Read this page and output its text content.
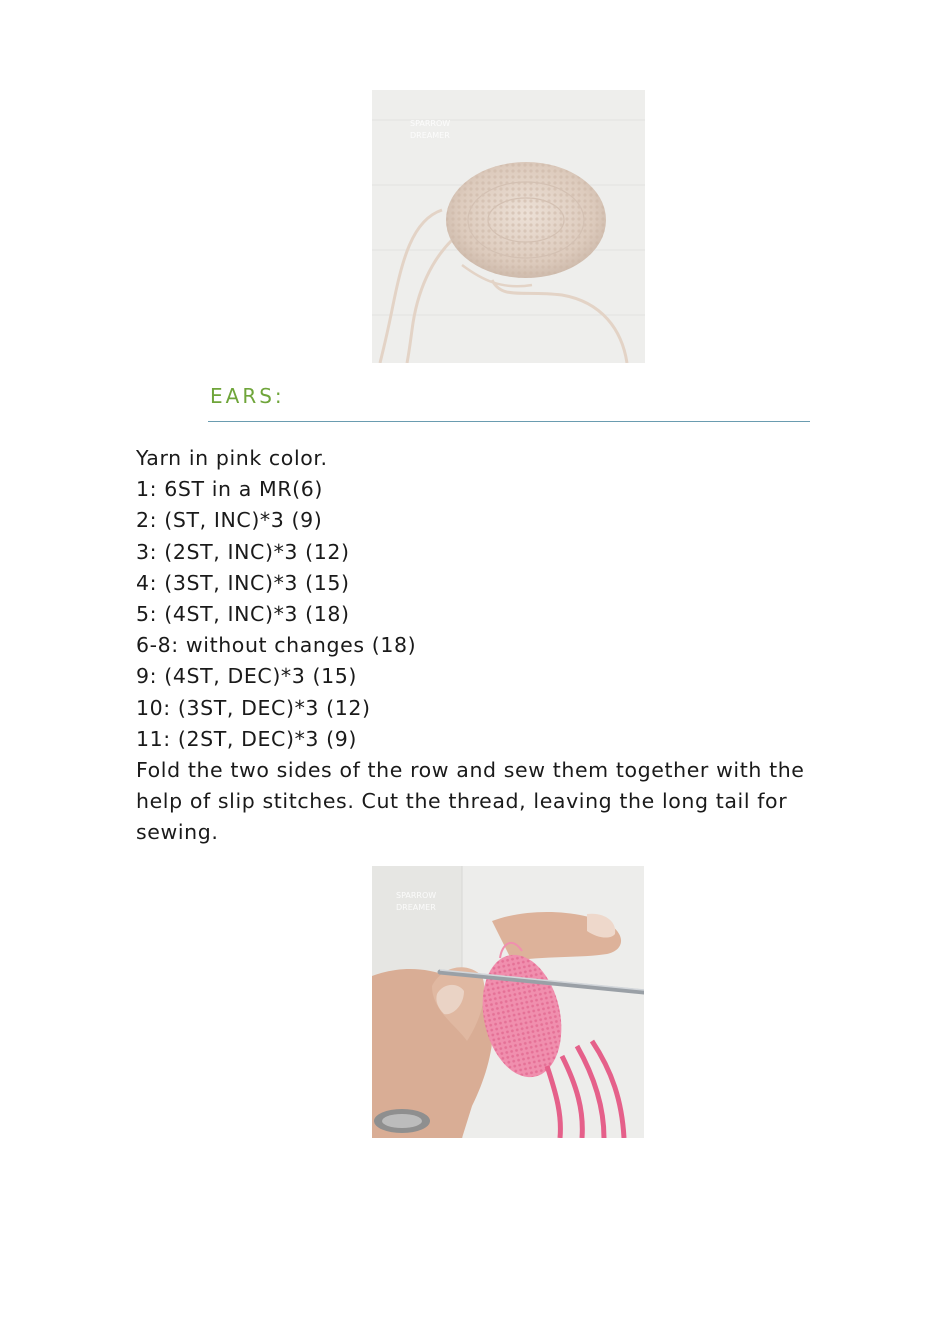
SPARROW
DREAMER
EARS:

Yarn in pink color.

1: 6ST in a MR(6)

2: (ST, INC)*3 (9)

3: (2ST, INC)*3 (12)

4: (3ST, INC)*3 (15)

5: (4ST, INC)*3 (18)

6-8: without changes (18)

9: (4ST, DEC)*3 (15)

10: (3ST, DEC)*3 (12)

11: (2ST, DEC)*3 (9)

Fold the two sides of the row and sew them together with the help of slip stitches. Cut the thread, leaving the long tail for sewing.

SPARROW
DREAMER
